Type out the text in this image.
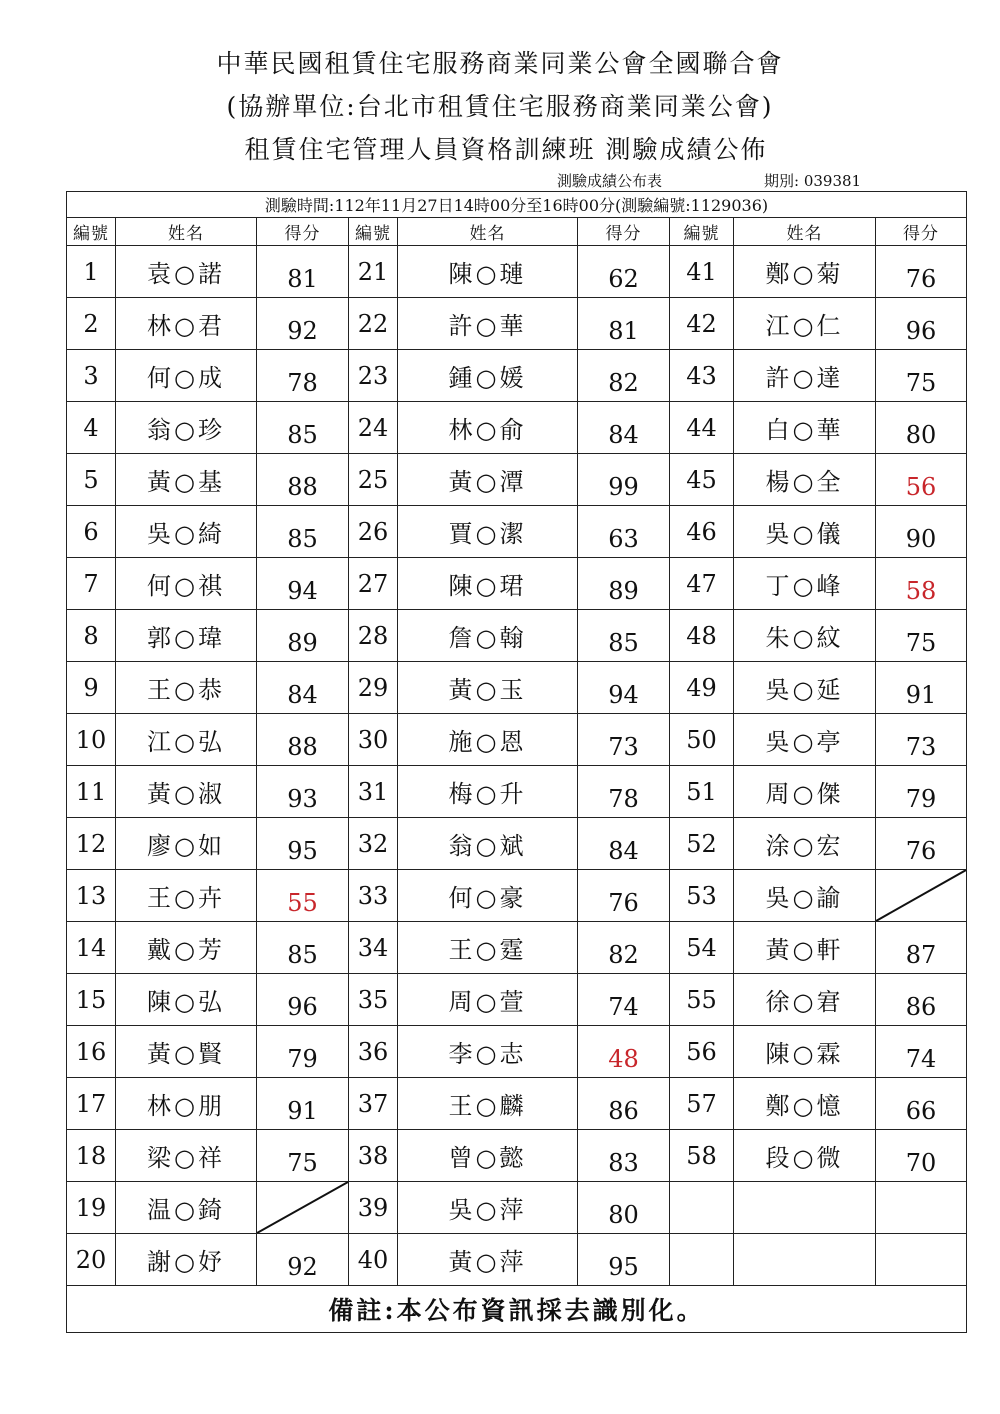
中華民國租賃住宅服務商業同業公會全國聯合會
(協辦單位:台北市租賃住宅服務商業同業公會)
租賃住宅管理人員資格訓練班 測驗成績公佈
測驗成績公布表	期別: 039381
測驗時間:112年11月27日14時00分至16時00分(測驗編號:1129036)								
編號	姓名	得分	編號	姓名	得分	編號	姓名	得分
1	袁○諾	81	21	陳○璉	62	41	鄭○菊	76
2	林○君	92	22	許○華	81	42	江○仁	96
3	何○成	78	23	鍾○媛	82	43	許○達	75
4	翁○珍	85	24	林○俞	84	44	白○華	80
5	黃○基	88	25	黃○潭	99	45	楊○全	56
6	吳○綺	85	26	賈○潔	63	46	吳○儀	90
7	何○祺	94	27	陳○珺	89	47	丁○峰	58
8	郭○瑋	89	28	詹○翰	85	48	朱○紋	75
9	王○恭	84	29	黃○玉	94	49	吳○延	91
10	江○弘	88	30	施○恩	73	50	吳○亭	73
11	黃○淑	93	31	梅○升	78	51	周○傑	79
12	廖○如	95	32	翁○斌	84	52	涂○宏	76
13	王○卉	55	33	何○豪	76	53	吳○諭	

14	戴○芳	85	34	王○霆	82	54	黃○軒	87
15	陳○弘	96	35	周○萱	74	55	徐○宭	86
16	黃○賢	79	36	李○志	48	56	陳○霖	74
17	林○朋	91	37	王○麟	86	57	鄭○憶	66
18	梁○祥	75	38	曾○懿	83	58	段○微	70
19	温○錡		39	吳○萍	80			
20	謝○妤	92	40	黃○萍	95			
備註:本公布資訊採去識別化。								
